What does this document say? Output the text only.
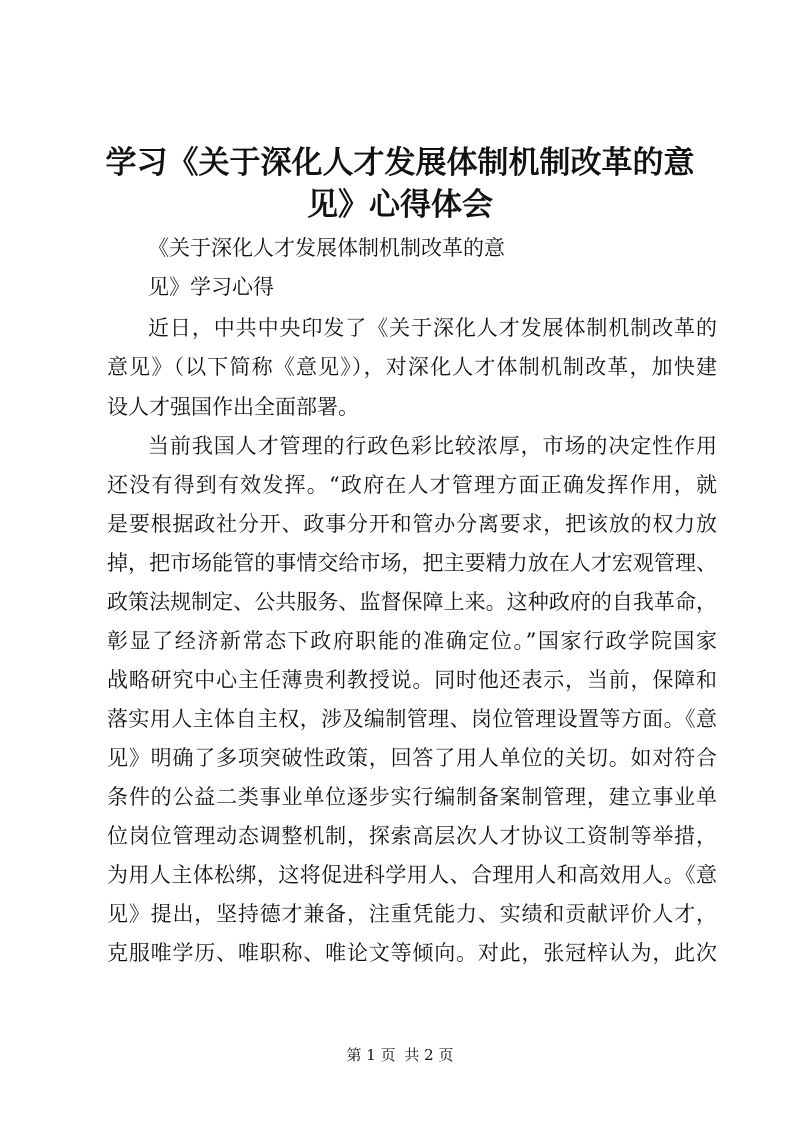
学习《关于深化人才发展体制机制改革的意
见》心得体会
《关于深化人才发展体制机制改革的意
见》学习心得
近日，中共中央印发了《关于深化人才发展体制机制改革的
意见》（以下简称《意见》），对深化人才体制机制改革，加快建
设人才强国作出全面部署。
当前我国人才管理的行政色彩比较浓厚，市场的决定性作用
还没有得到有效发挥。“政府在人才管理方面正确发挥作用，就
是要根据政社分开、政事分开和管办分离要求，把该放的权力放
掉，把市场能管的事情交给市场，把主要精力放在人才宏观管理、
政策法规制定、公共服务、监督保障上来。这种政府的自我革命，
彰显了经济新常态下政府职能的准确定位。”国家行政学院国家
战略研究中心主任薄贵利教授说。同时他还表示，当前，保障和
落实用人主体自主权，涉及编制管理、岗位管理设置等方面。《意
见》明确了多项突破性政策，回答了用人单位的关切。如对符合
条件的公益二类事业单位逐步实行编制备案制管理，建立事业单
位岗位管理动态调整机制，探索高层次人才协议工资制等举措，
为用人主体松绑，这将促进科学用人、合理用人和高效用人。《意
见》提出，坚持德才兼备，注重凭能力、实绩和贡献评价人才，
克服唯学历、唯职称、唯论文等倾向。对此，张冠梓认为，此次
第 1 页 共 2 页
